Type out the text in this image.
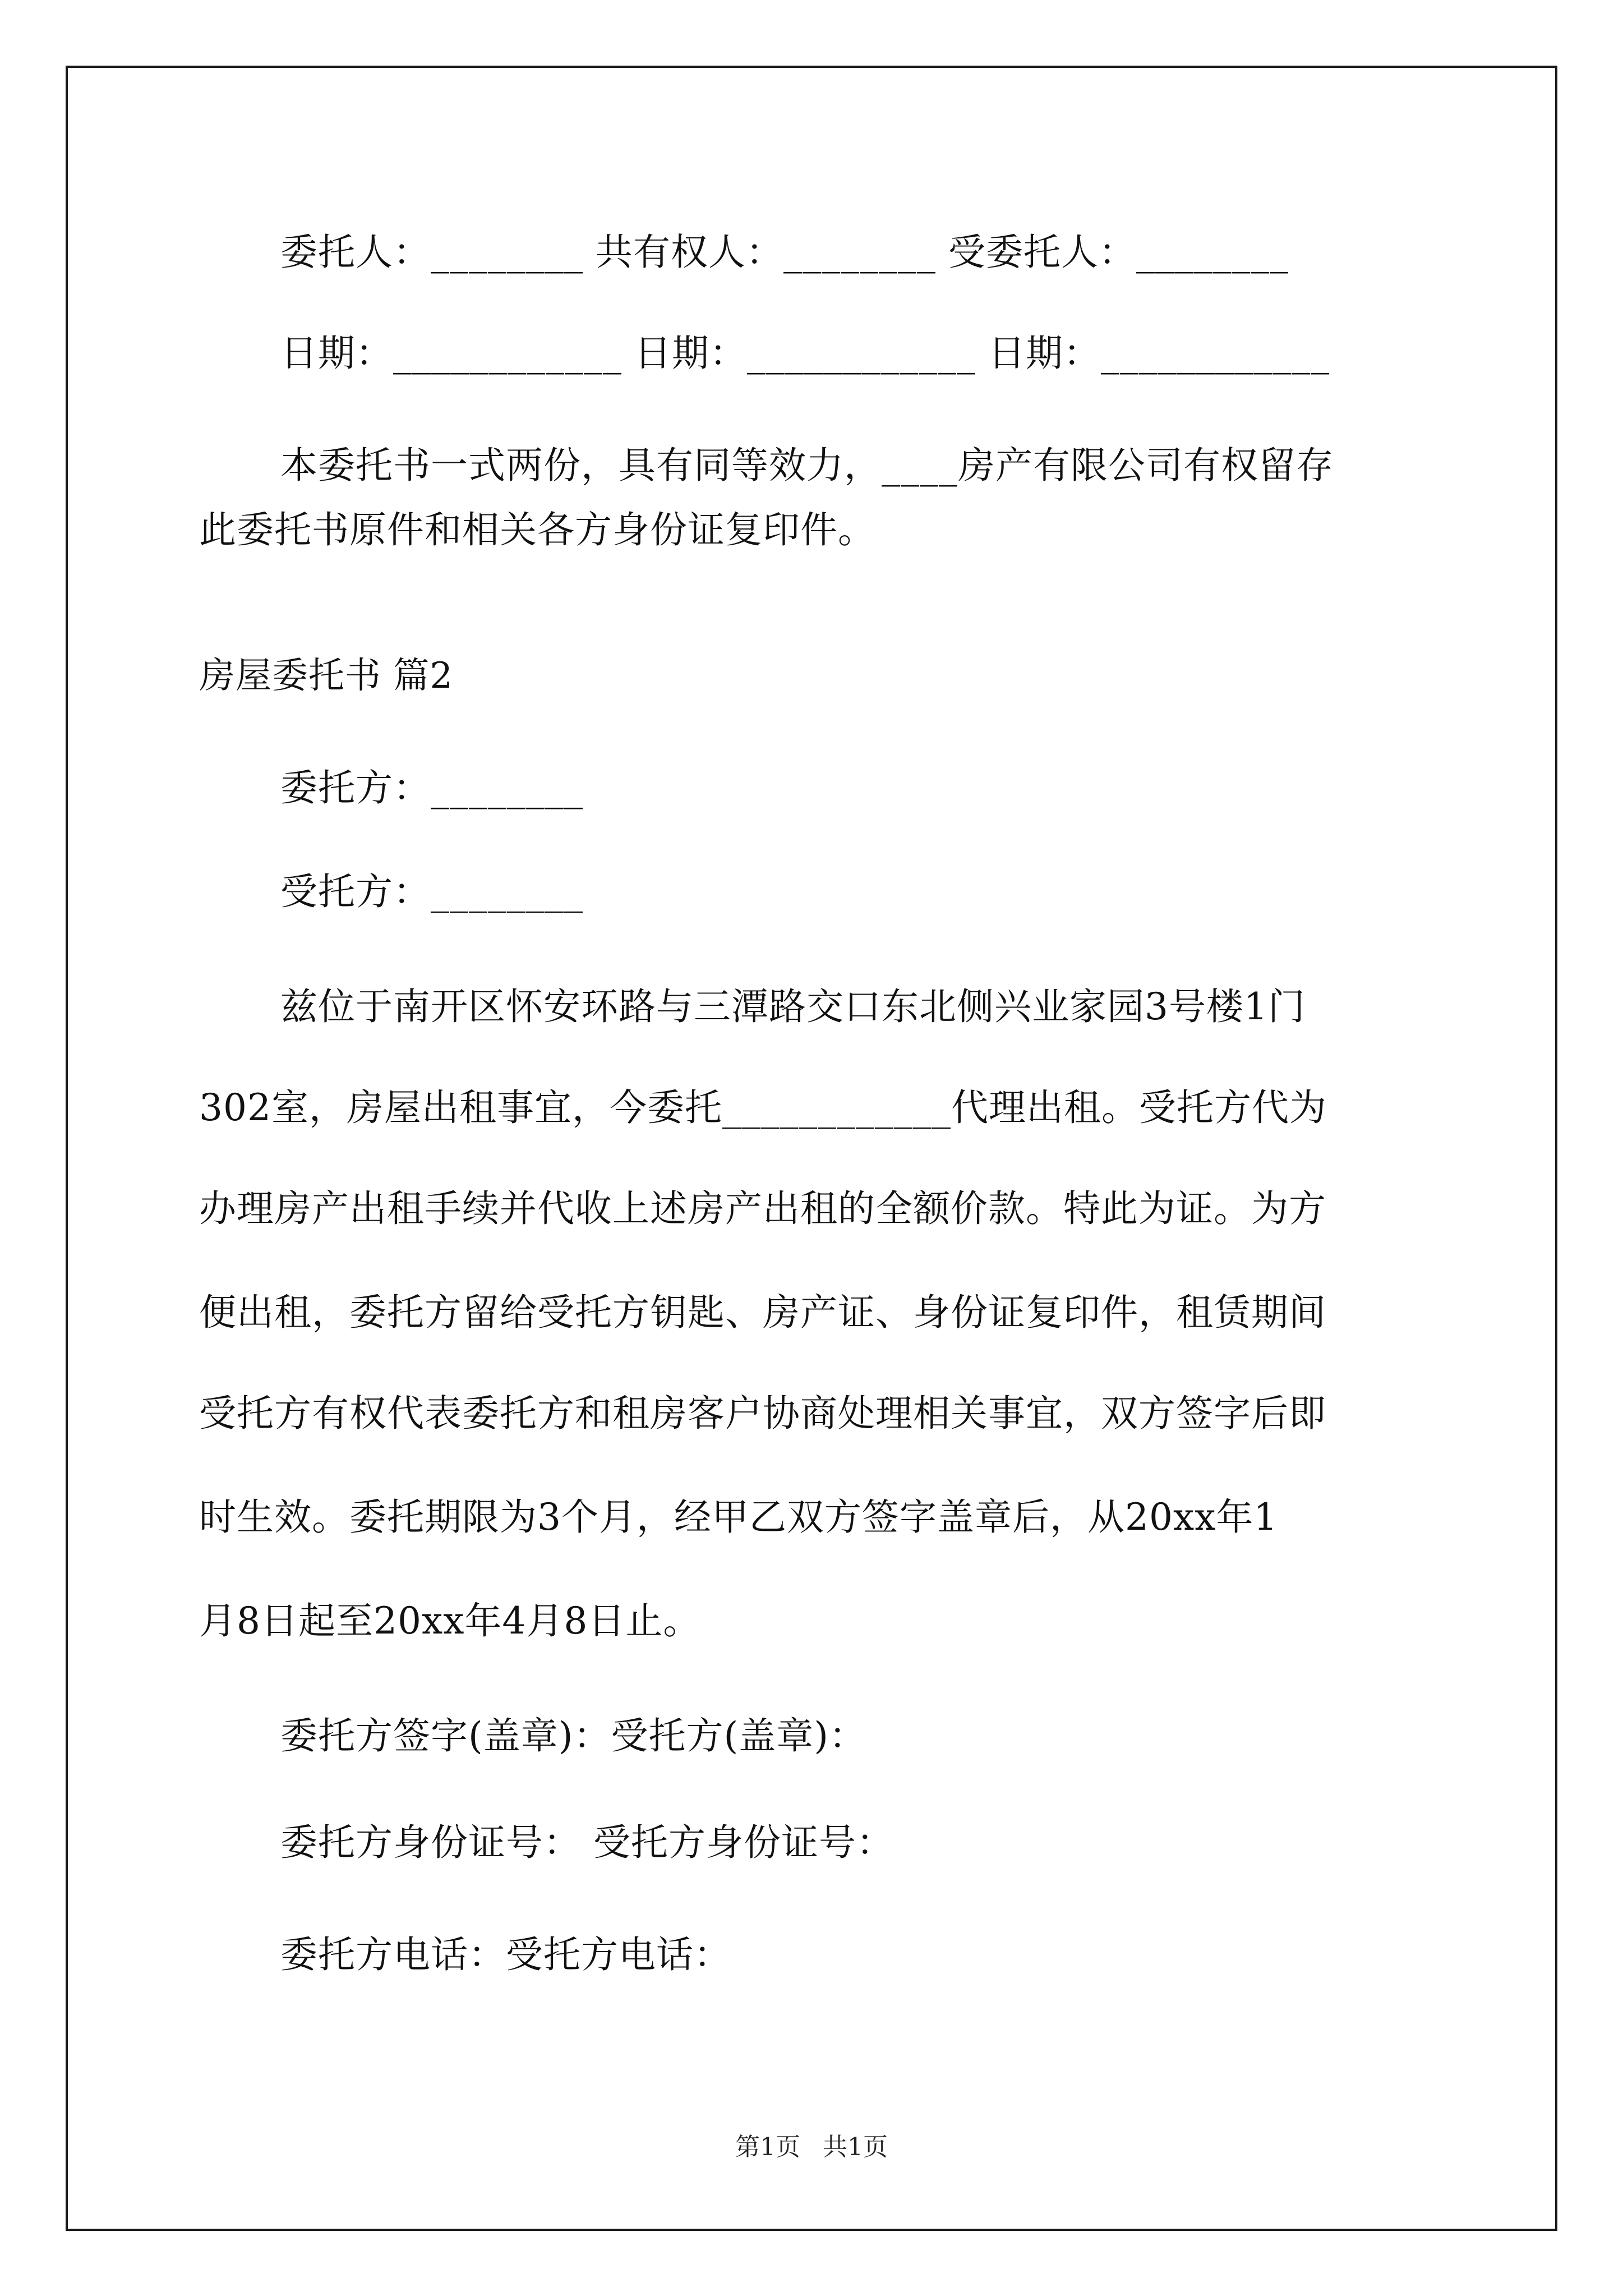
委托人：________ 共有权人：________ 受委托人：________
日期：____________ 日期：____________ 日期：____________
本委托书一式两份，具有同等效力，____房产有限公司有权留存
此委托书原件和相关各方身份证复印件。
房屋委托书 篇2
委托方：________
受托方：________
兹位于南开区怀安环路与三潭路交口东北侧兴业家园3号楼1门
302室，房屋出租事宜，今委托____________代理出租。受托方代为
办理房产出租手续并代收上述房产出租的全额价款。特此为证。为方
便出租，委托方留给受托方钥匙、房产证、身份证复印件，租赁期间
受托方有权代表委托方和租房客户协商处理相关事宜，双方签字后即
时生效。委托期限为3个月，经甲乙双方签字盖章后，从20xx年1
月8日起至20xx年4月8日止。
委托方签字(盖章)：受托方(盖章)：
委托方身份证号： 受托方身份证号：
委托方电话：受托方电话：
第1页 共1页
